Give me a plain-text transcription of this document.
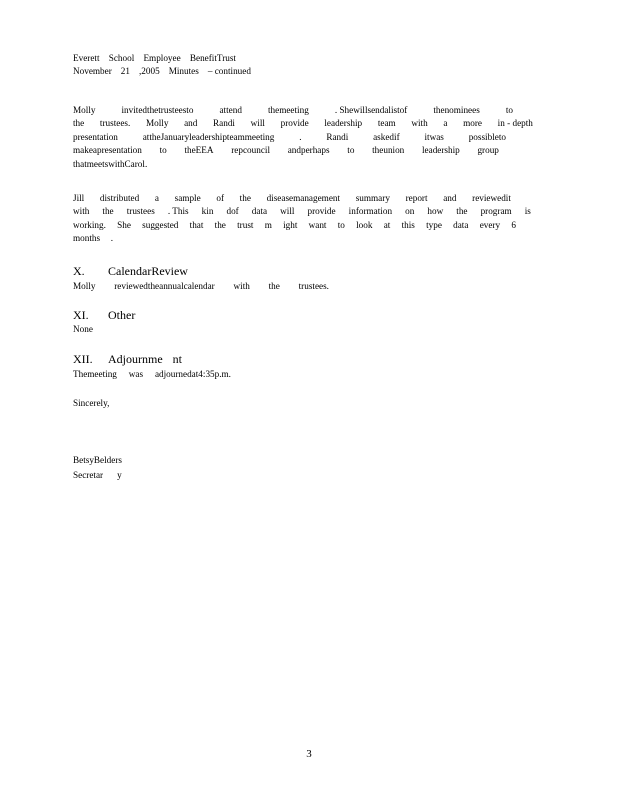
Everett School Employee BenefitTrust
November 21 ,2005 Minutes – continued
Molly	invitedthetrusteesto	attend	themeeting	. Shewillsendalistof	thenominees	to
the trustees. Molly and Randi will provide leadership team with a more in - depth
presentation	attheJanuaryleadershipteammeeting	.	Randi	askedif	itwas	possibleto
makeapresentation to theEEA repcouncil andperhaps to theunion leadership group
thatmeetswithCarol.
Jill distributed a sample of the diseasemanagement summary report and reviewedit
with the trustees . This kin dof data will provide information on how the program is
working. She suggested that the trust m ight want to look at this type data every 6
months .
X. CalendarReview
Molly reviewedtheannualcalendar with the trustees.
XI. Other
None
XII. Adjournme nt
Themeeting was adjournedat4:35p.m.
Sincerely,
BetsyBelders
Secretar y
3
